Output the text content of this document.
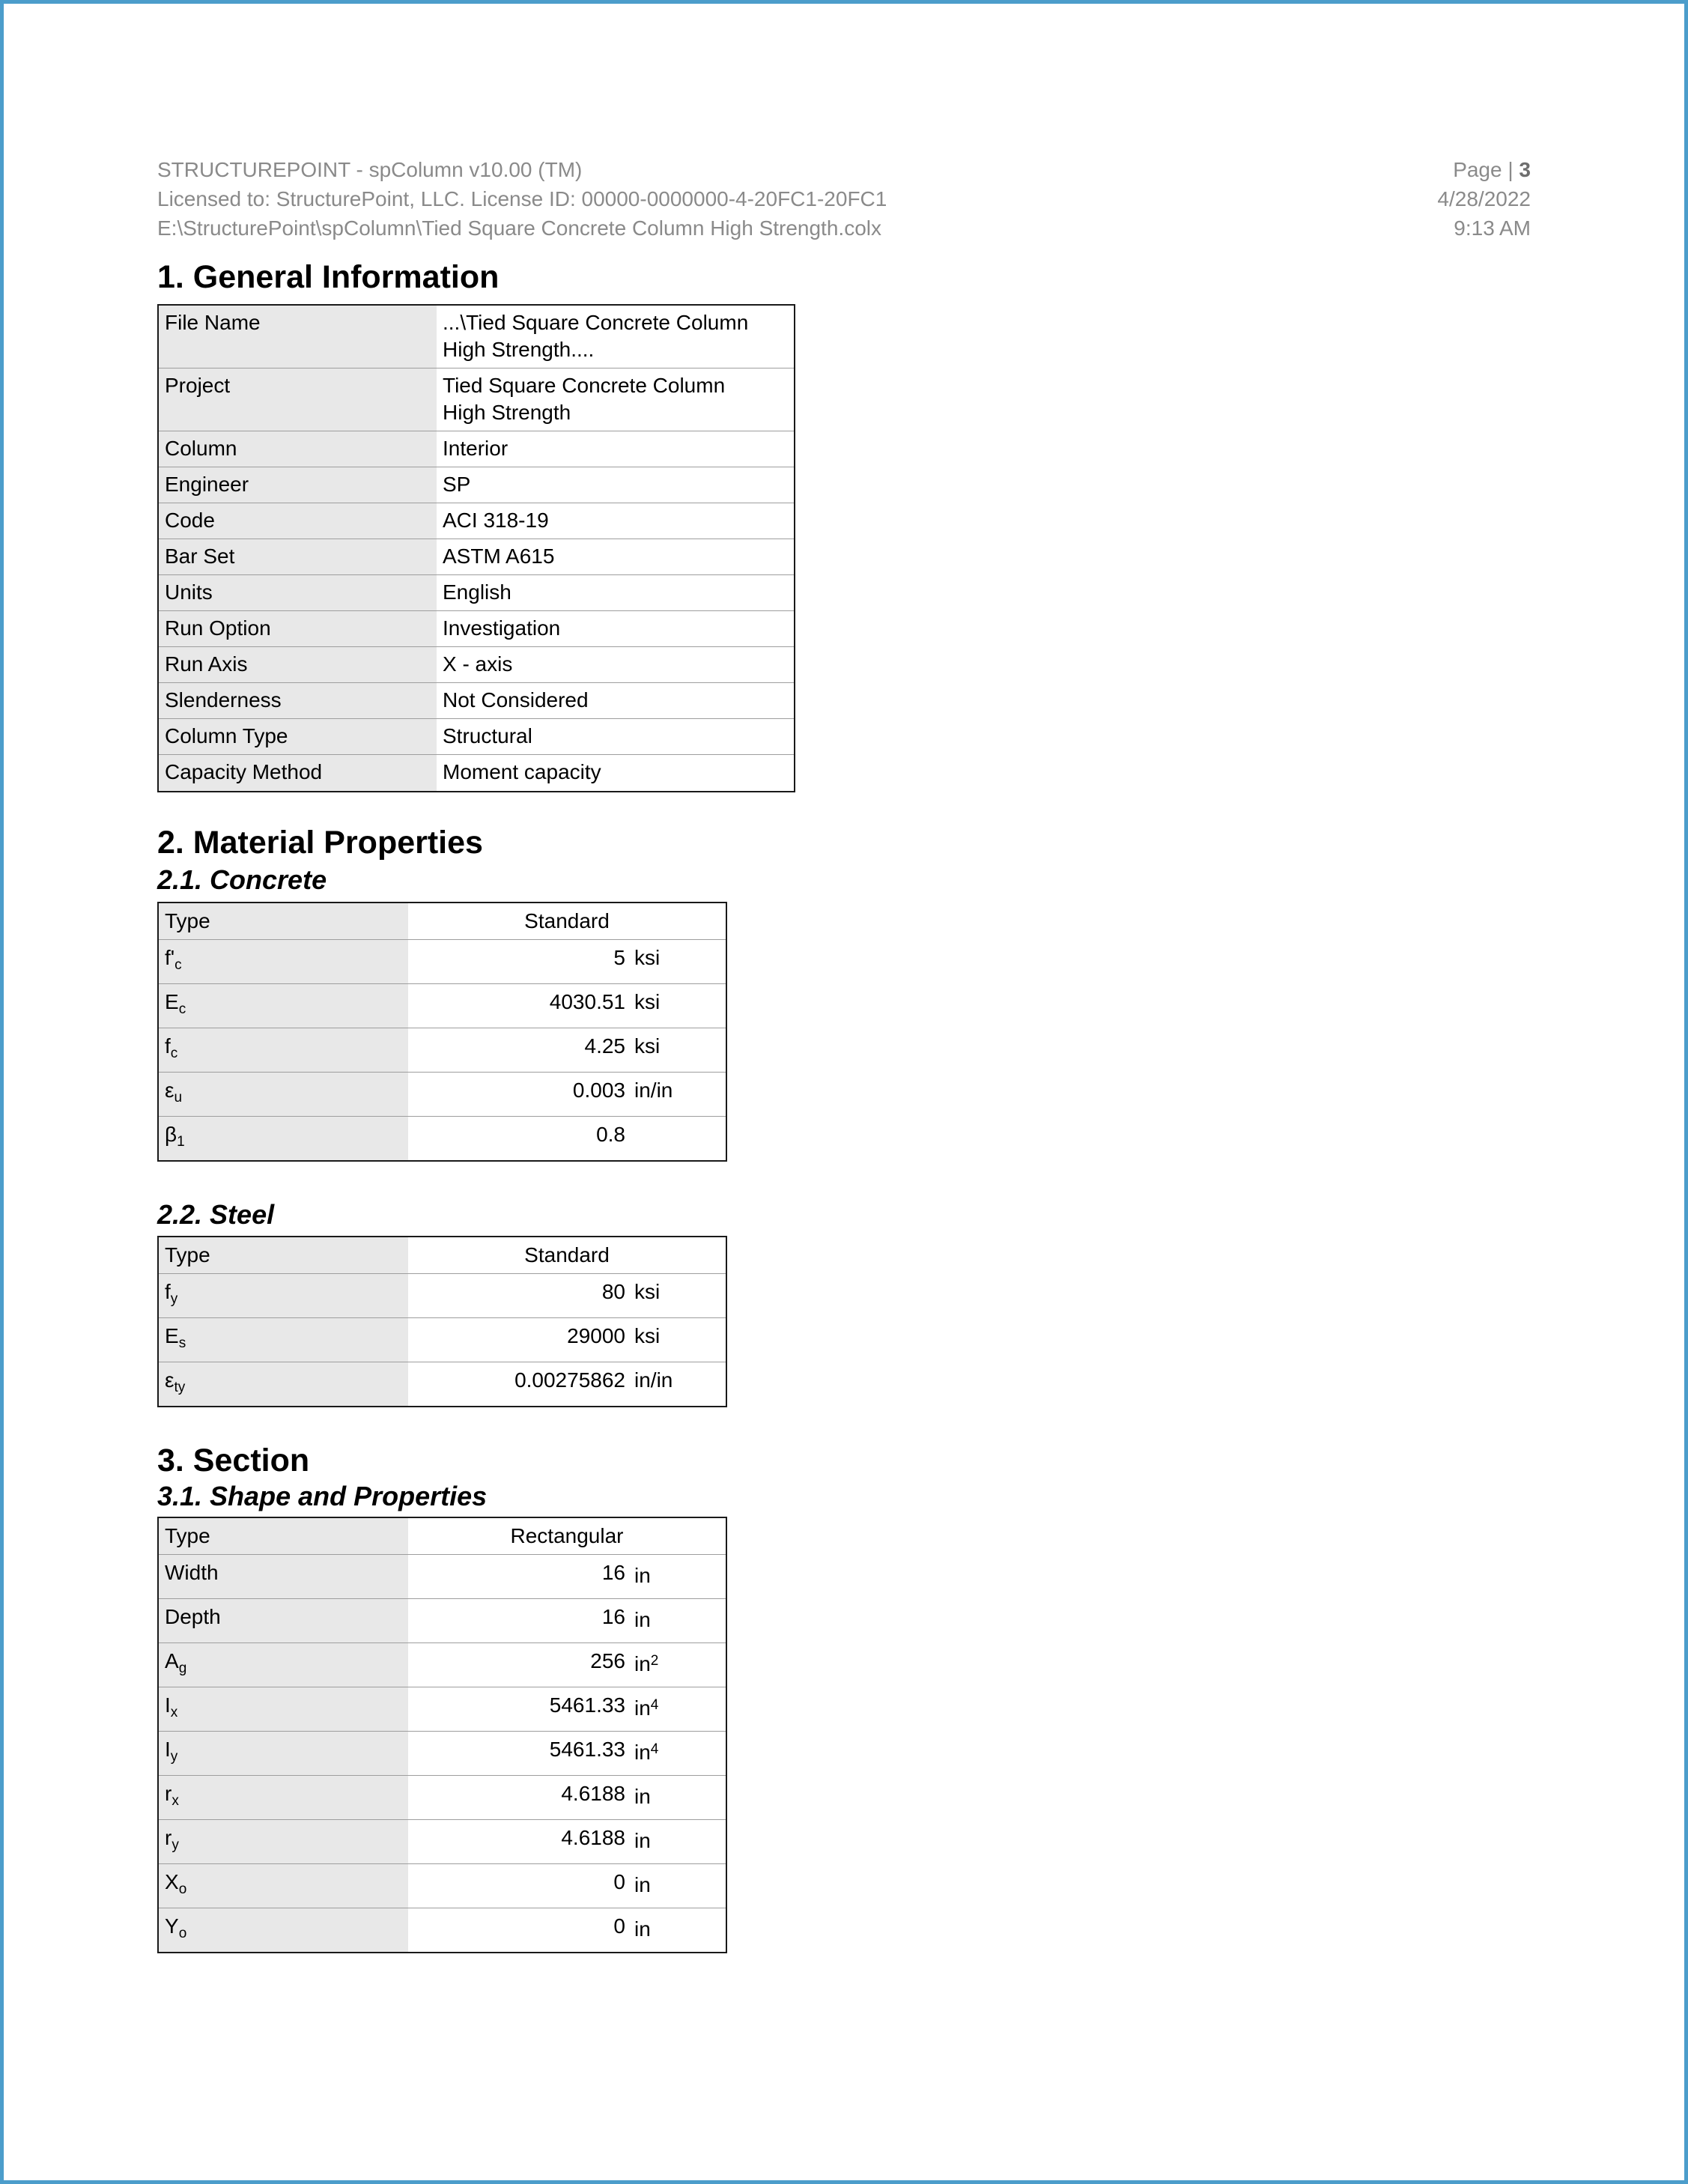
STRUCTUREPOINT - spColumn v10.00 (TM)
Licensed to: StructurePoint, LLC. License ID: 00000-0000000-4-20FC1-20FC1
E:\StructurePoint\spColumn\Tied Square Concrete Column High Strength.colx
Page | 3
4/28/2022
9:13 AM
1. General Information
File Name	...\Tied Square Concrete Column High Strength....
Project	Tied Square Concrete Column High Strength
Column	Interior
Engineer	SP
Code	ACI 318-19
Bar Set	ASTM A615
Units	English
Run Option	Investigation
Run Axis	X - axis
Slenderness	Not Considered
Column Type	Structural
Capacity Method	Moment capacity
2. Material Properties
2.1. Concrete
Type	Standard
$f'_c$	5 ksi
$E_c$	4030.51 ksi
$f_c$	4.25 ksi
$\varepsilon_u$	0.003 in/in
$\beta_1$	0.8
2.2. Steel
Type	Standard
$f_y$	80 ksi
$E_s$	29000 ksi
$\varepsilon_{ty}$	0.00275862 in/in
3. Section
3.1. Shape and Properties
Type	Rectangular
Width	16 in
Depth	16 in
$A_g$	256 $in^2$
$I_x$	5461.33 $in^4$
$I_y$	5461.33 $in^4$
$r_x$	4.6188 in
$r_y$	4.6188 in
$X_o$	0 in
$Y_o$	0 in
